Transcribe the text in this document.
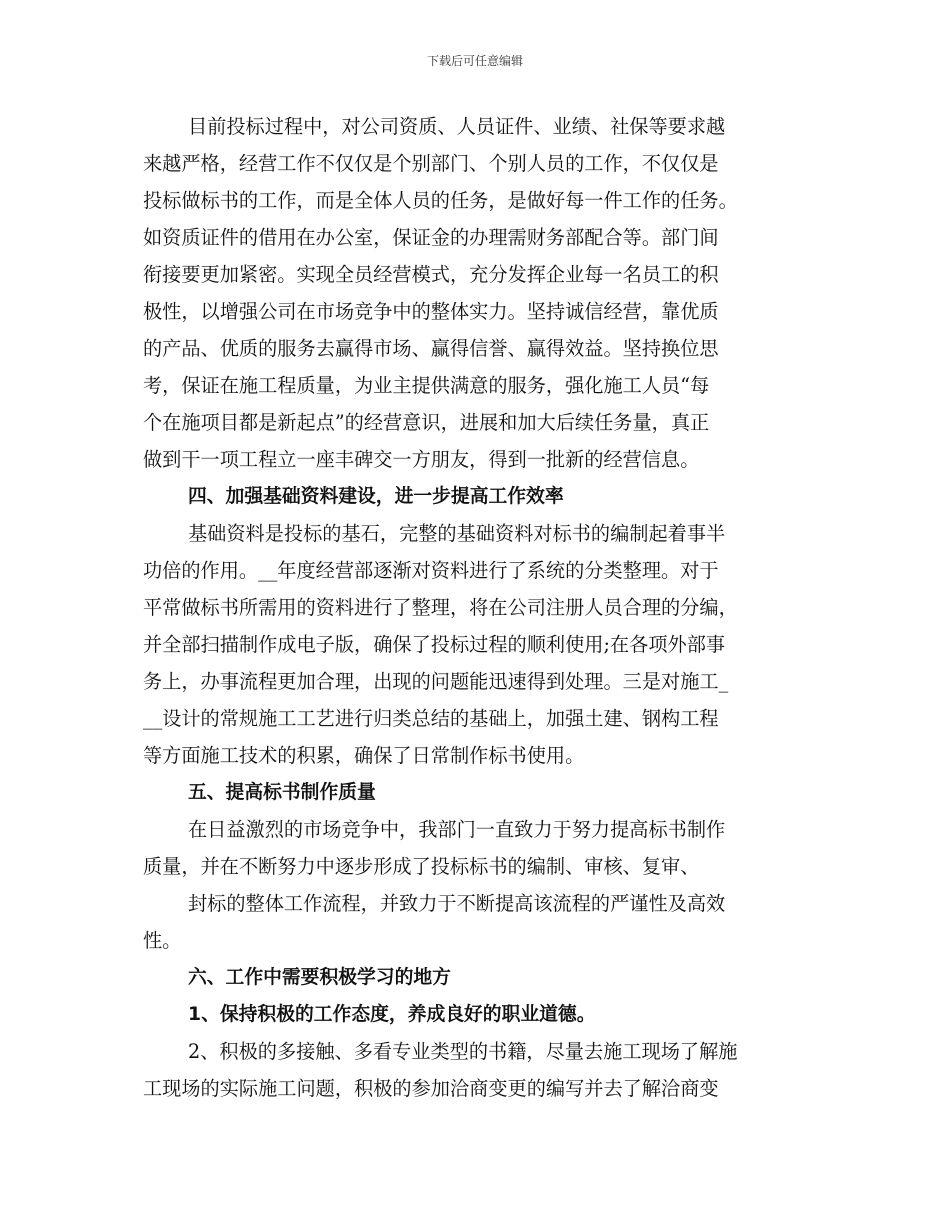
下载后可任意编辑
目前投标过程中，对公司资质、人员证件、业绩、社保等要求越
来越严格，经营工作不仅仅是个别部门、个别人员的工作，不仅仅是
投标做标书的工作，而是全体人员的任务，是做好每一件工作的任务。
如资质证件的借用在办公室，保证金的办理需财务部配合等。部门间
衔接要更加紧密。实现全员经营模式，充分发挥企业每一名员工的积
极性，以增强公司在市场竞争中的整体实力。坚持诚信经营，靠优质
的产品、优质的服务去赢得市场、赢得信誉、赢得效益。坚持换位思
考，保证在施工程质量，为业主提供满意的服务，强化施工人员“每
个在施项目都是新起点”的经营意识，进展和加大后续任务量，真正
做到干一项工程立一座丰碑交一方朋友，得到一批新的经营信息。
四、加强基础资料建设，进一步提高工作效率
基础资料是投标的基石，完整的基础资料对标书的编制起着事半
功倍的作用。__年度经营部逐渐对资料进行了系统的分类整理。对于
平常做标书所需用的资料进行了整理，将在公司注册人员合理的分编，
并全部扫描制作成电子版，确保了投标过程的顺利使用;在各项外部事
务上，办事流程更加合理，出现的问题能迅速得到处理。三是对施工_
__设计的常规施工工艺进行归类总结的基础上，加强土建、钢构工程
等方面施工技术的积累，确保了日常制作标书使用。
五、提高标书制作质量
在日益激烈的市场竞争中，我部门一直致力于努力提高标书制作
质量，并在不断努力中逐步形成了投标标书的编制、审核、复审、
封标的整体工作流程，并致力于不断提高该流程的严谨性及高效
性。
六、工作中需要积极学习的地方
1、保持积极的工作态度，养成良好的职业道德。
2、积极的多接触、多看专业类型的书籍，尽量去施工现场了解施
工现场的实际施工问题，积极的参加洽商变更的编写并去了解洽商变
